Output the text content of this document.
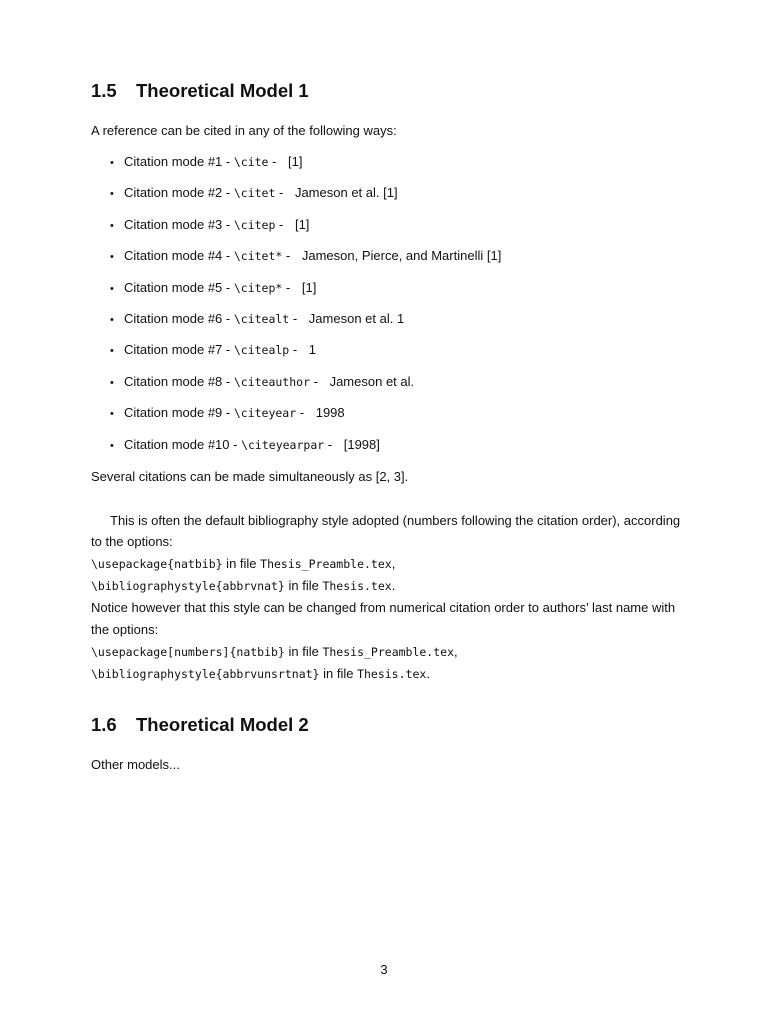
1.5 Theoretical Model 1

A reference can be cited in any of the following ways:

• Citation mode #1 - \cite - [1]
• Citation mode #2 - \citet - Jameson et al. [1]
• Citation mode #3 - \citep - [1]
• Citation mode #4 - \citet* - Jameson, Pierce, and Martinelli [1]
• Citation mode #5 - \citep* - [1]
• Citation mode #6 - \citealt - Jameson et al. 1
• Citation mode #7 - \citealp - 1
• Citation mode #8 - \citeauthor - Jameson et al.
• Citation mode #9 - \citeyear - 1998
• Citation mode #10 - \citeyearpar - [1998]

Several citations can be made simultaneously as [2, 3].

This is often the default bibliography style adopted (numbers following the citation order), according

to the options:

\usepackage{natbib} in file Thesis_Preamble.tex,

\bibliographystyle{abbrvnat} in file Thesis.tex.

Notice however that this style can be changed from numerical citation order to authors’ last name with

the options:

\usepackage[numbers]{natbib} in file Thesis_Preamble.tex,

\bibliographystyle{abbrvunsrtnat} in file Thesis.tex.

1.6 Theoretical Model 2

Other models...

3
